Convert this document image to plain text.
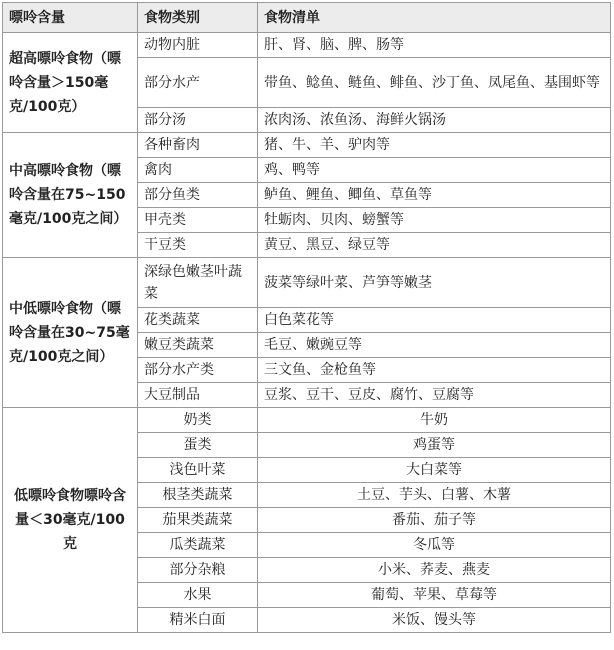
嘌呤含量	食物类别	食物清单
超高嘌呤食物（嘌呤含量＞150毫克/100克）	动物内脏	肝、肾、脑、脾、肠等
	部分水产	带鱼、鲶鱼、鲢鱼、鲱鱼、沙丁鱼、凤尾鱼、基围虾等
	部分汤	浓肉汤、浓鱼汤、海鲜火锅汤
中高嘌呤食物（嘌呤含量在75~150毫克/100克之间）	各种畜肉	猪、牛、羊、驴肉等
	禽肉	鸡、鸭等
	部分鱼类	鲈鱼、鲤鱼、鲫鱼、草鱼等
	甲壳类	牡蛎肉、贝肉、螃蟹等
	干豆类	黄豆、黑豆、绿豆等
中低嘌呤食物（嘌呤含量在30~75毫克/100克之间）	深绿色嫩茎叶蔬菜	菠菜等绿叶菜、芦笋等嫩茎
	花类蔬菜	白色菜花等
	嫩豆类蔬菜	毛豆、嫩豌豆等
	部分水产类	三文鱼、金枪鱼等
	大豆制品	豆浆、豆干、豆皮、腐竹、豆腐等
低嘌呤食物嘌呤含量＜30毫克/100克	奶类	牛奶
	蛋类	鸡蛋等
	浅色叶菜	大白菜等
	根茎类蔬菜	土豆、芋头、白薯、木薯
	茄果类蔬菜	番茄、茄子等
	瓜类蔬菜	冬瓜等
	部分杂粮	小米、荞麦、燕麦
	水果	葡萄、苹果、草莓等
	精米白面	米饭、馒头等
